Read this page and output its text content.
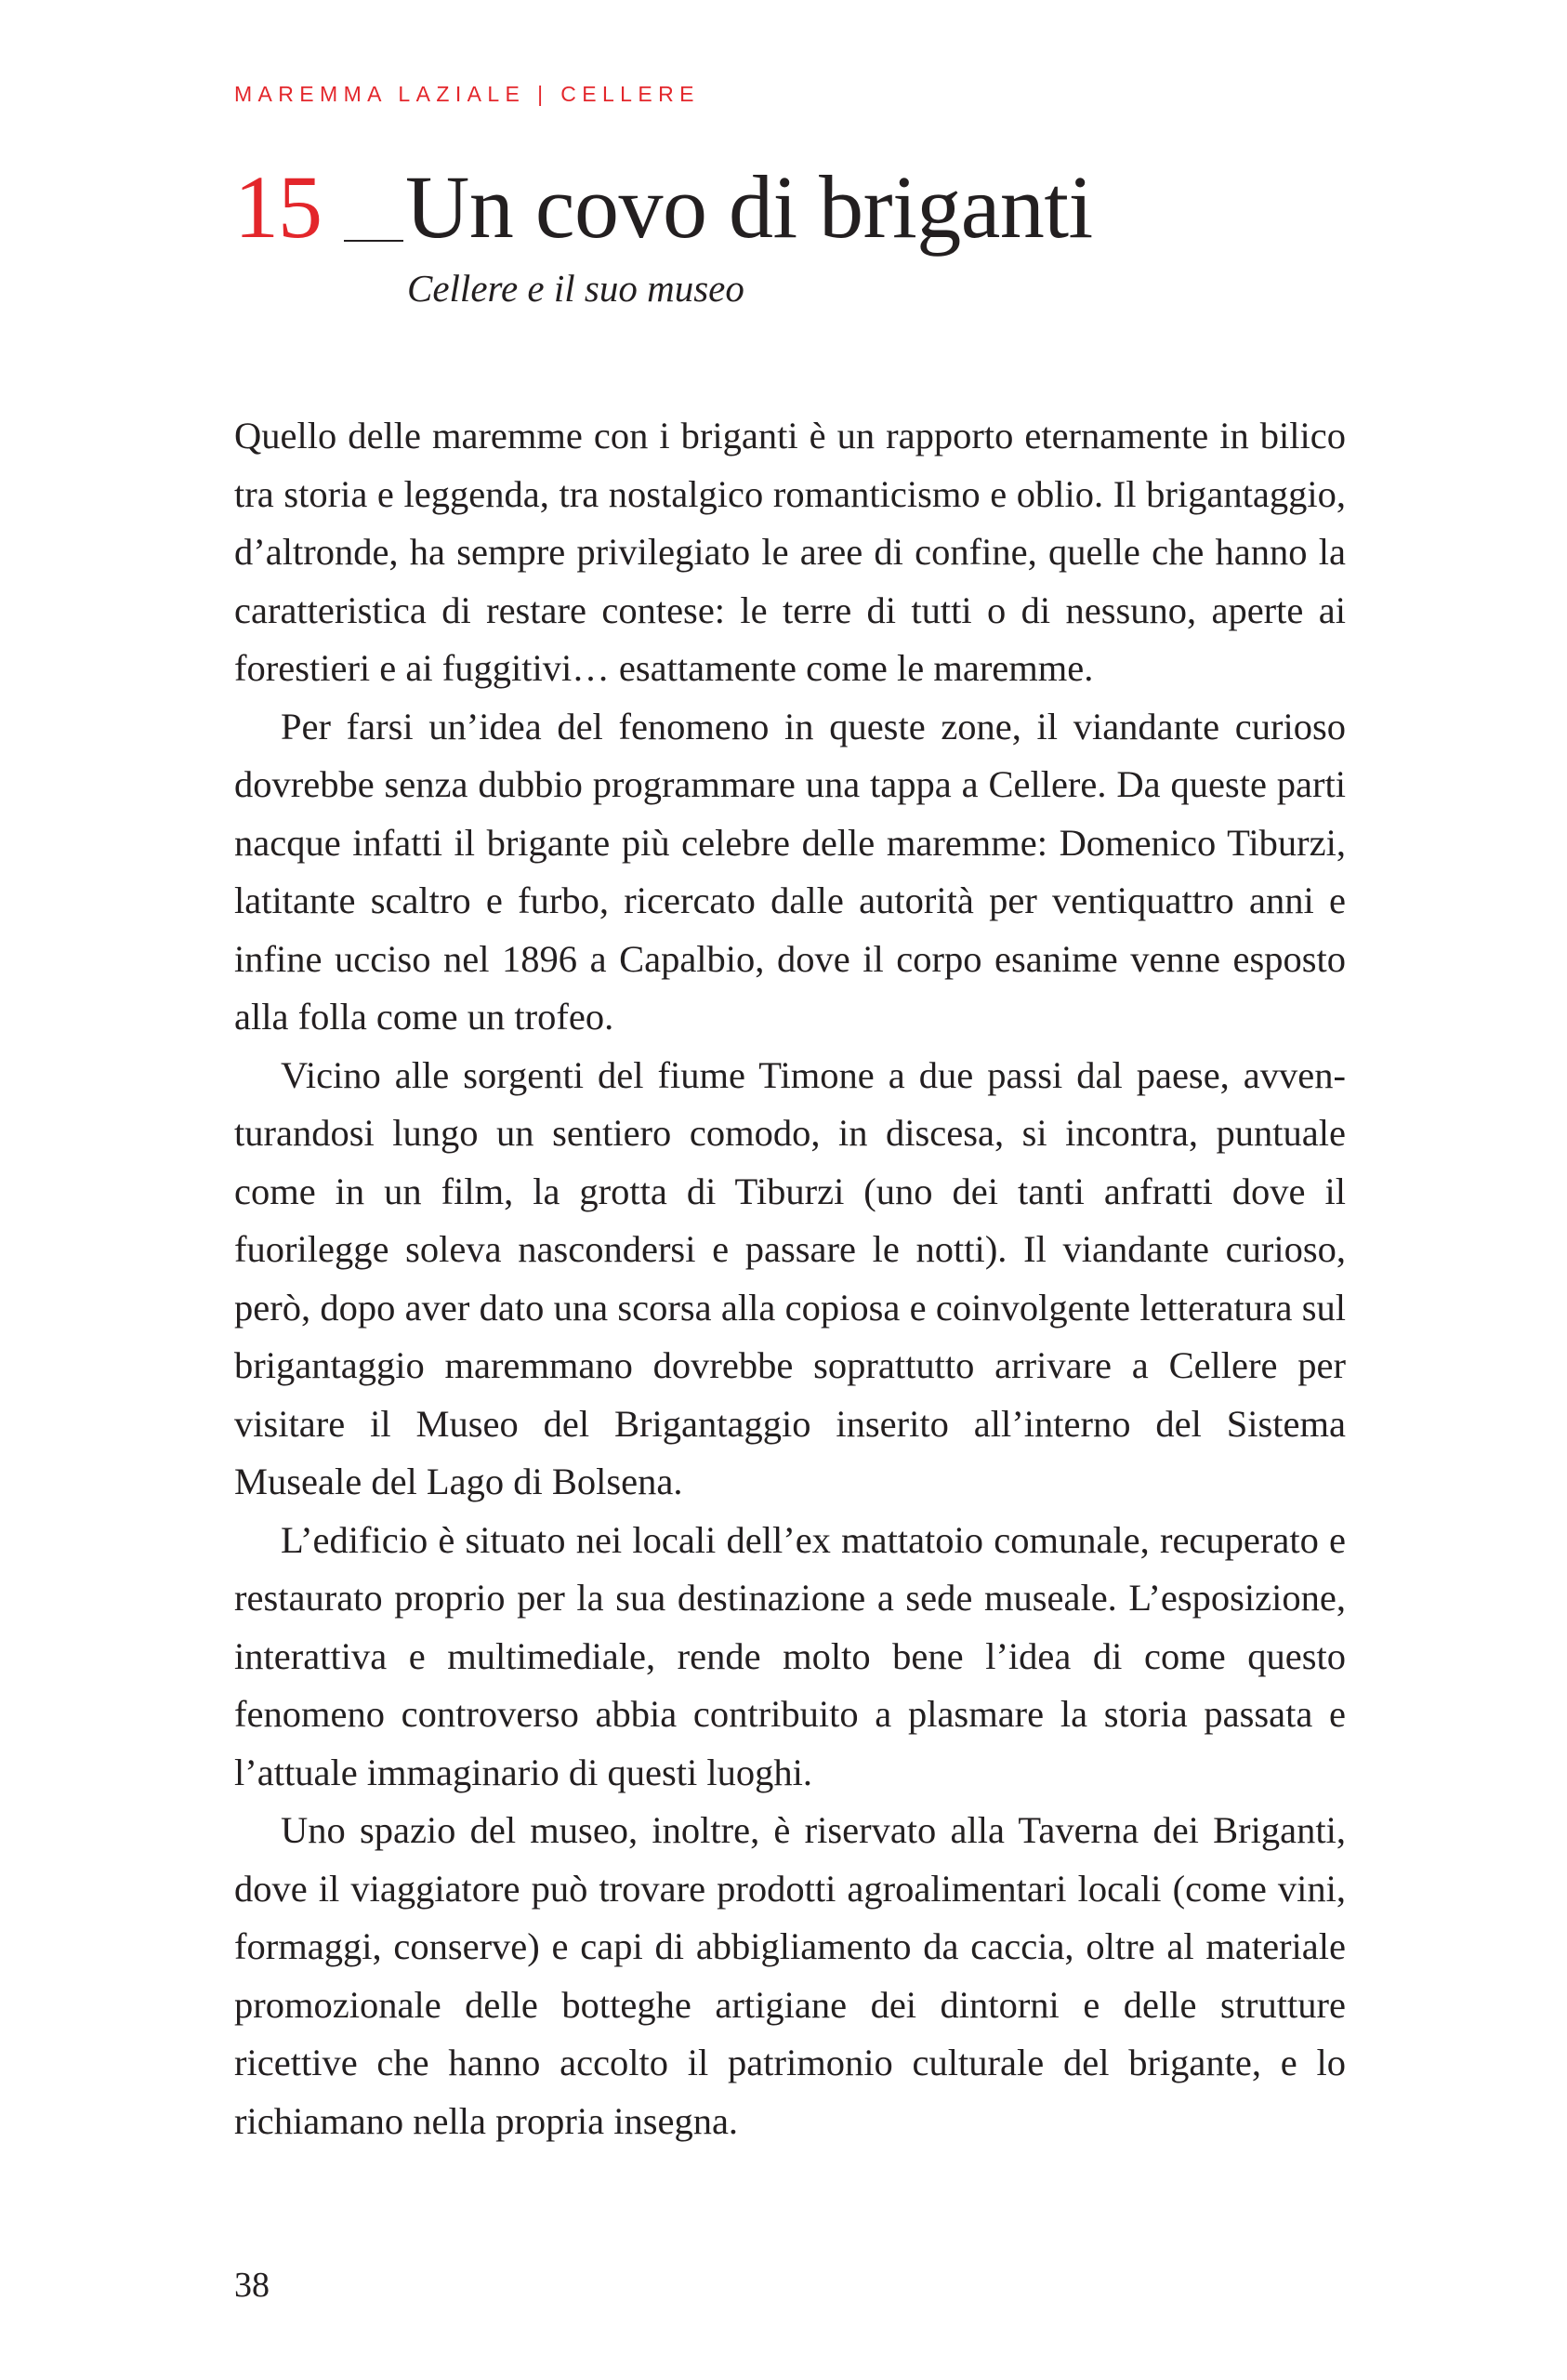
MAREMMA LAZIALE | CELLERE
15 Un covo di briganti
Cellere e il suo museo

Quello delle maremme con i briganti è un rapporto eternamente in bilico tra storia e leggenda, tra nostalgico romanticismo e oblio. Il brigantaggio, d’altronde, ha sempre privilegiato le aree di confine, quelle che hanno la caratteristica di restare contese: le terre di tutti o di nessuno, aperte ai forestieri e ai fuggitivi… esattamente come le maremme.

Per farsi un’idea del fenomeno in queste zone, il viandante curioso dovrebbe senza dubbio programmare una tappa a Cellere. Da queste parti nacque infatti il brigante più celebre delle maremme: Domenico Tiburzi, latitante scaltro e furbo, ricercato dalle autorità per ventiquattro anni e infine ucciso nel 1896 a Capalbio, dove il corpo esanime venne esposto alla folla come un trofeo.

Vicino alle sorgenti del fiume Timone a due passi dal paese, avventurandosi lungo un sentiero comodo, in discesa, si incontra, puntuale come in un film, la grotta di Tiburzi (uno dei tanti anfratti dove il fuorilegge soleva nascondersi e passare le notti). Il viandante curioso, però, dopo aver dato una scorsa alla copiosa e coinvolgente letteratura sul brigantaggio maremmano dovrebbe soprattutto arrivare a Cellere per visitare il Museo del Brigantaggio inserito all’interno del Sistema Museale del Lago di Bolsena.

L’edificio è situato nei locali dell’ex mattatoio comunale, recuperato e restaurato proprio per la sua destinazione a sede museale. L’esposizione, interattiva e multimediale, rende molto bene l’idea di come questo fenomeno controverso abbia contribuito a plasmare la storia passata e l’attuale immaginario di questi luoghi.

Uno spazio del museo, inoltre, è riservato alla Taverna dei Briganti, dove il viaggiatore può trovare prodotti agroalimentari locali (come vini, formaggi, conserve) e capi di abbigliamento da caccia, oltre al materiale promozionale delle botteghe artigiane dei dintorni e delle strutture ricettive che hanno accolto il patrimonio culturale del brigante, e lo richiamano nella propria insegna.

38
